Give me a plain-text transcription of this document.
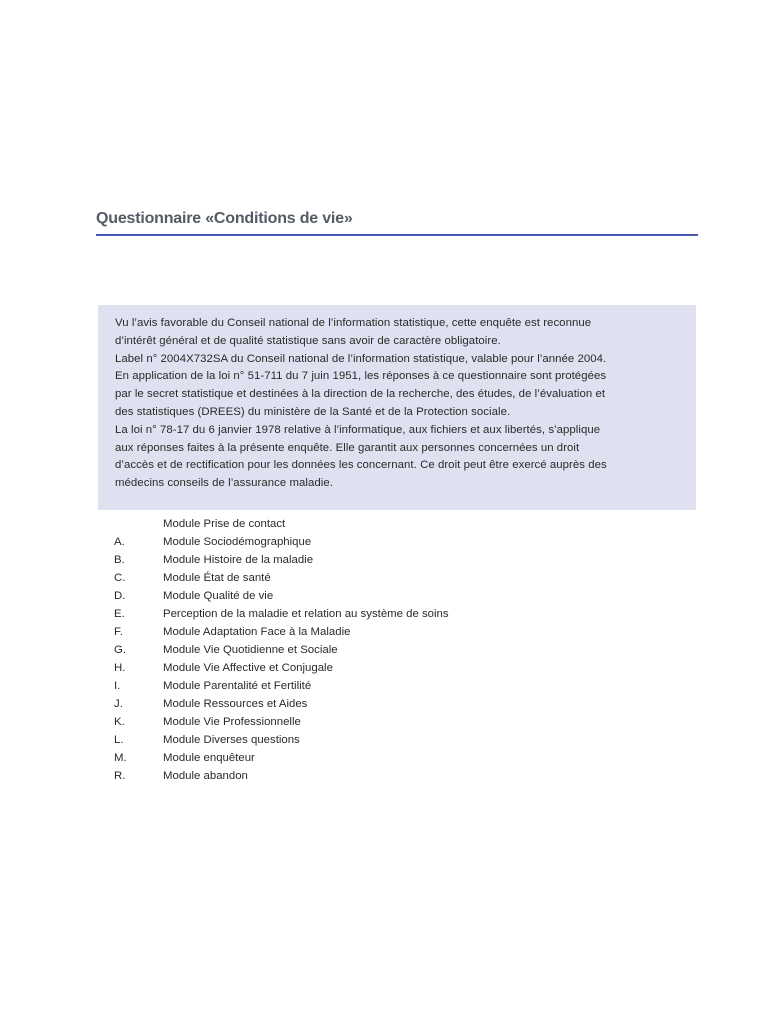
Questionnaire «Conditions de vie»

Vu l’avis favorable du Conseil national de l’information statistique, cette enquête est reconnue

d’intérêt général et de qualité statistique sans avoir de caractère obligatoire.

Label n° 2004X732SA du Conseil national de l’information statistique, valable pour l’année 2004.

En application de la loi n° 51-711 du 7 juin 1951, les réponses à ce questionnaire sont protégées

par le secret statistique et destinées à la direction de la recherche, des études, de l’évaluation et

des statistiques (DREES) du ministère de la Santé et de la Protection sociale.

La loi n° 78-17 du 6 janvier 1978 relative à l’informatique, aux fichiers et aux libertés, s’applique

aux réponses faites à la présente enquête. Elle garantit aux personnes concernées un droit

d’accès et de rectification pour les données les concernant. Ce droit peut être exercé auprès des

médecins conseils de l’assurance maladie.

Module Prise de contact
A.	Module Sociodémographique
B.	Module Histoire de la maladie
C.	Module État de santé
D.	Module Qualité de vie
E.	Perception de la maladie et relation au système de soins
F.	Module Adaptation Face à la Maladie
G.	Module Vie Quotidienne et Sociale
H.	Module Vie Affective et Conjugale
I.	Module Parentalité et Fertilité
J.	Module Ressources et Aides
K.	Module Vie Professionnelle
L.	Module Diverses questions
M.	Module enquêteur
R.	Module abandon
